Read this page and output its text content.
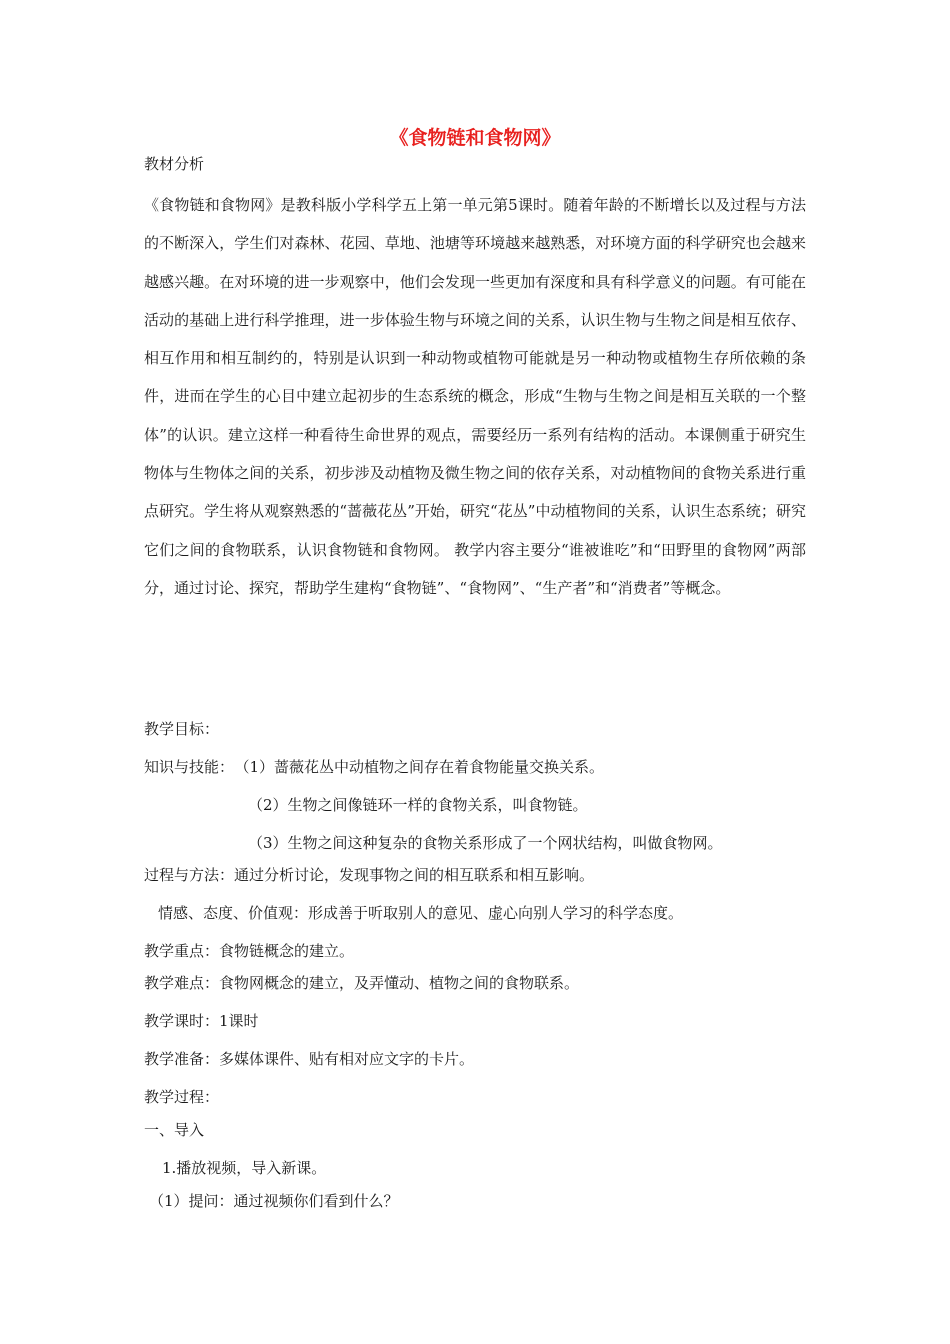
《食物链和食物网》

教材分析

《食物链和食物网》是教科版小学科学五上第一单元第5课时。随着年龄的不断增长以及过程与方法的不断深入，学生们对森林、花园、草地、池塘等环境越来越熟悉，对环境方面的科学研究也会越来越感兴趣。在对环境的进一步观察中，他们会发现一些更加有深度和具有科学意义的问题。有可能在活动的基础上进行科学推理，进一步体验生物与环境之间的关系，认识生物与生物之间是相互依存、相互作用和相互制约的，特别是认识到一种动物或植物可能就是另一种动物或植物生存所依赖的条件，进而在学生的心目中建立起初步的生态系统的概念，形成“生物与生物之间是相互关联的一个整体”的认识。建立这样一种看待生命世界的观点，需要经历一系列有结构的活动。本课侧重于研究生物体与生物体之间的关系，初步涉及动植物及微生物之间的依存关系，对动植物间的食物关系进行重点研究。学生将从观察熟悉的“蔷薇花丛”开始，研究“花丛”中动植物间的关系，认识生态系统；研究它们之间的食物联系，认识食物链和食物网。 教学内容主要分“谁被谁吃”和“田野里的食物网”两部分，通过讨论、探究，帮助学生建构“食物链”、“食物网”、“生产者”和“消费者”等概念。

教学目标：

知识与技能： （1）蔷薇花丛中动植物之间存在着食物能量交换关系。

（2）生物之间像链环一样的食物关系，叫食物链。

（3）生物之间这种复杂的食物关系形成了一个网状结构，叫做食物网。

过程与方法：通过分析讨论，发现事物之间的相互联系和相互影响。

情感、态度、价值观：形成善于听取别人的意见、虚心向别人学习的科学态度。

教学重点：食物链概念的建立。

教学难点：食物网概念的建立，及弄懂动、植物之间的食物联系。

教学课时：1课时

教学准备：多媒体课件、贴有相对应文字的卡片。

教学过程：

一、导入

1.播放视频，导入新课。

（1）提问：通过视频你们看到什么？
